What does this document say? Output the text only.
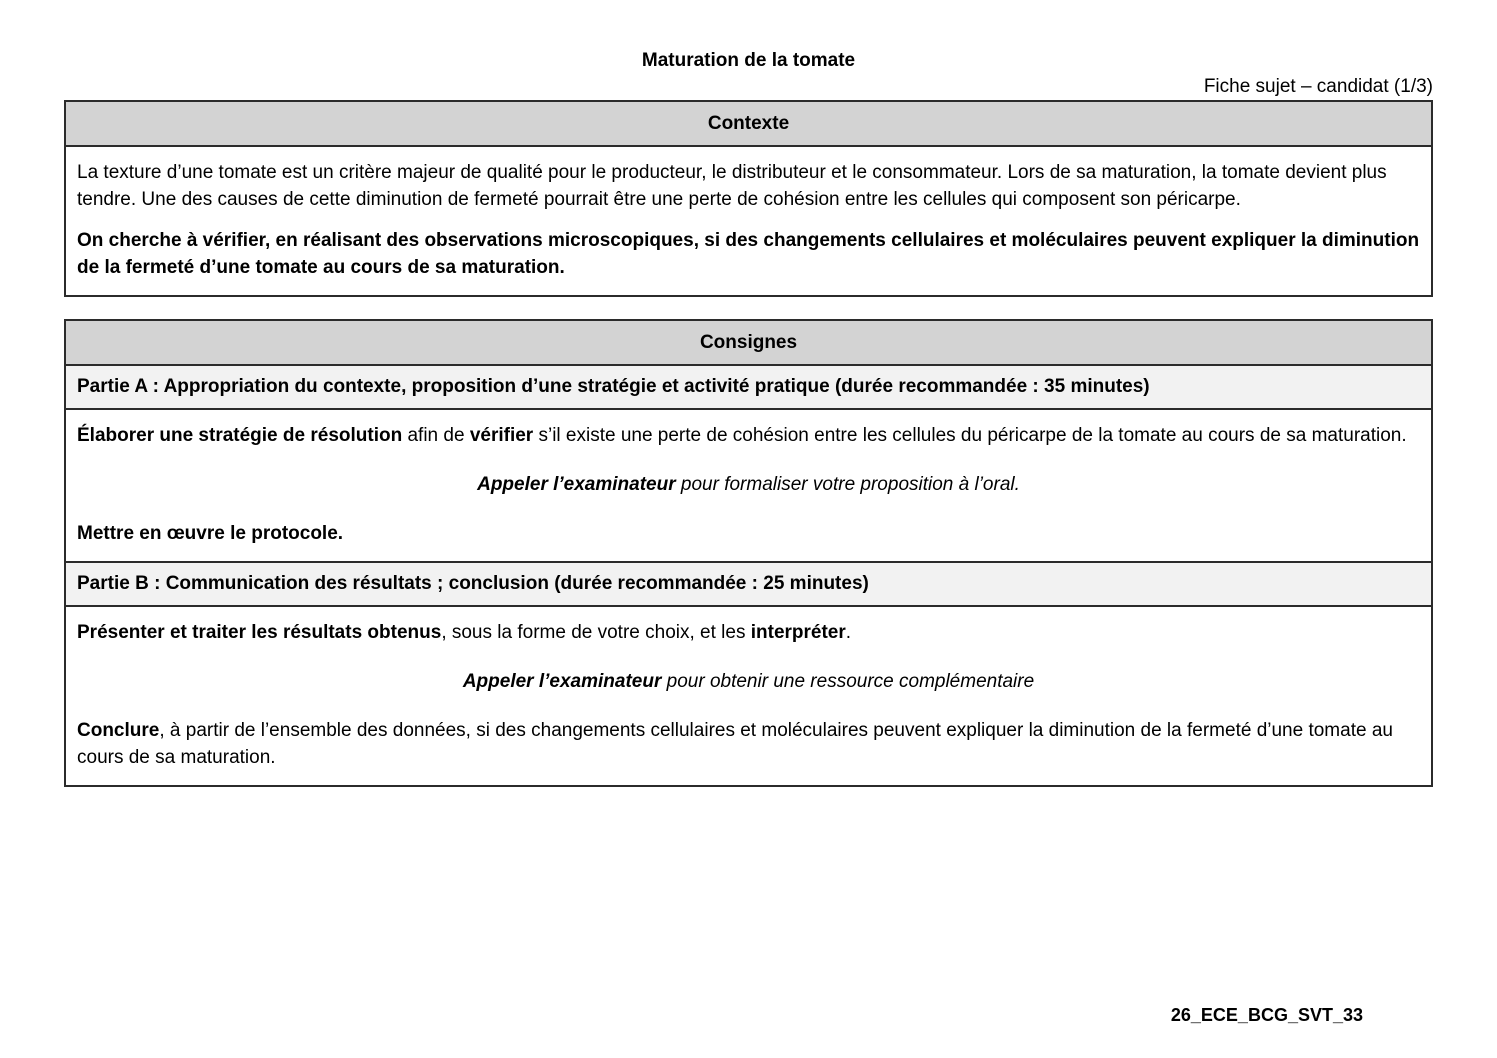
Maturation de la tomate
Fiche sujet – candidat (1/3)
Contexte

La texture d’une tomate est un critère majeur de qualité pour le producteur, le distributeur et le consommateur. Lors de sa maturation, la tomate devient plus tendre. Une des causes de cette diminution de fermeté pourrait être une perte de cohésion entre les cellules qui composent son péricarpe.

On cherche à vérifier, en réalisant des observations microscopiques, si des changements cellulaires et moléculaires peuvent expliquer la diminution de la fermeté d’une tomate au cours de sa maturation.

Consignes
Partie A : Appropriation du contexte, proposition d’une stratégie et activité pratique (durée recommandée : 35 minutes)

Élaborer une stratégie de résolution afin de vérifier s’il existe une perte de cohésion entre les cellules du péricarpe de la tomate au cours de sa maturation.

Appeler l’examinateur pour formaliser votre proposition à l’oral.

Mettre en œuvre le protocole.

Partie B : Communication des résultats ; conclusion (durée recommandée : 25 minutes)

Présenter et traiter les résultats obtenus, sous la forme de votre choix, et les interpréter.

Appeler l’examinateur pour obtenir une ressource complémentaire

Conclure, à partir de l’ensemble des données, si des changements cellulaires et moléculaires peuvent expliquer la diminution de la fermeté d’une tomate au cours de sa maturation.

26_ECE_BCG_SVT_33
